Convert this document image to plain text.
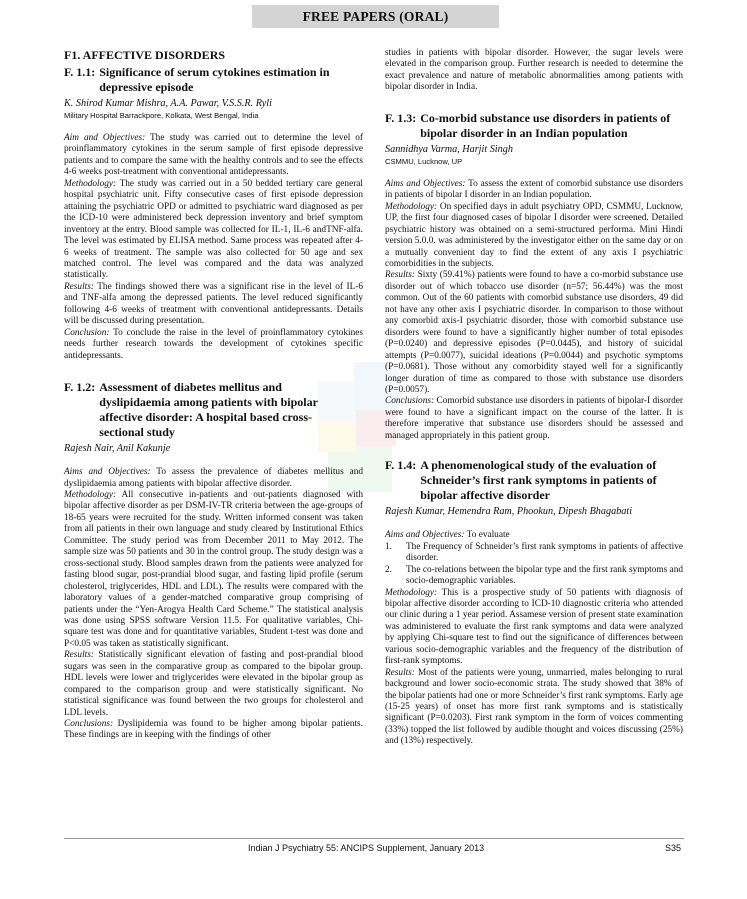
FREE PAPERS (ORAL)
F1. AFFECTIVE DISORDERS
F. 1.1: Significance of serum cytokines estimation in depressive episode
K. Shirod Kumar Mishra, A.A. Pawar, V.S.S.R. Ryli
Military Hospital Barrackpore, Kolkata, West Bengal, India

Aim and Objectives: The study was carried out to determine the level of proinflammatory cytokines in the serum sample of first episode depressive patients and to compare the same with the healthy controls and to see the effects 4-6 weeks post-treatment with conventional antidepressants.

Methodology: The study was carried out in a 50 bedded tertiary care general hospital psychiatric unit. Fifty consecutive cases of first episode depression attaining the psychiatric OPD or admitted to psychiatric ward diagnosed as per the ICD-10 were administered beck depression inventory and brief symptom inventory at the entry. Blood sample was collected for IL-1, IL-6 andTNF-alfa. The level was estimated by ELISA method. Same process was repeated after 4-6 weeks of treatment. The sample was also collected for 50 age and sex matched control. The level was compared and the data was analyzed statistically.

Results: The findings showed there was a significant rise in the level of IL-6 and TNF-alfa among the depressed patients. The level reduced significantly following 4-6 weeks of treatment with conventional antidepressants. Details will be discussed during presentation.

Conclusion: To conclude the raise in the level of proinflammatory cytokines needs further research towards the development of cytokines specific antidepressants.

F. 1.2: Assessment of diabetes mellitus and dyslipidaemia among patients with bipolar affective disorder: A hospital based cross-sectional study
Rajesh Nair, Anil Kakunje

Aims and Objectives: To assess the prevalence of diabetes mellitus and dyslipidaemia among patients with bipolar affective disorder.

Methodology: All consecutive in-patients and out-patients diagnosed with bipolar affective disorder as per DSM-IV-TR criteria between the age-groups of 18-65 years were recruited for the study. Written informed consent was taken from all patients in their own language and study cleared by Institutional Ethics Committee. The study period was from December 2011 to May 2012. The sample size was 50 patients and 30 in the control group. The study design was a cross-sectional study. Blood samples drawn from the patients were analyzed for fasting blood sugar, post-prandial blood sugar, and fasting lipid profile (serum cholesterol, triglycerides, HDL and LDL). The results were compared with the laboratory values of a gender-matched comparative group comprising of patients under the “Yen-Arogya Health Card Scheme.” The statistical analysis was done using SPSS software Version 11.5. For qualitative variables, Chi-square test was done and for quantitative variables, Student t-test was done and P<0.05 was taken as statistically significant.

Results: Statistically significant elevation of fasting and post-prandial blood sugars was seen in the comparative group as compared to the bipolar group. HDL levels were lower and triglycerides were elevated in the bipolar group as compared to the comparison group and were statistically significant. No statistical significance was found between the two groups for cholesterol and LDL levels.

Conclusions: Dyslipidemia was found to be higher among bipolar patients. These findings are in keeping with the findings of other

studies in patients with bipolar disorder. However, the sugar levels were elevated in the comparison group. Further research is needed to determine the exact prevalence and nature of metabolic abnormalities among patients with bipolar disorder in India.

F. 1.3: Co-morbid substance use disorders in patients of bipolar disorder in an Indian population
Sannidhya Varma, Harjit Singh
CSMMU, Lucknow, UP

Aims and Objectives: To assess the extent of comorbid substance use disorders in patients of bipolar I disorder in an Indian population.

Methodology: On specified days in adult psychiatry OPD, CSMMU, Lucknow, UP, the first four diagnosed cases of bipolar I disorder were screened. Detailed psychiatric history was obtained on a semi-structured performa. Mini Hindi version 5.0.0. was administered by the investigator either on the same day or on a mutually convenient day to find the extent of any axis I psychiatric comorbidities in the subjects.

Results: Sixty (59.41%) patients were found to have a co-morbid substance use disorder out of which tobacco use disorder (n=57; 56.44%) was the most common. Out of the 60 patients with comorbid substance use disorders, 49 did not have any other axis I psychiatric disorder. In comparison to those without any comorbid axis-I psychiatric disorder, those with comorbid substance use disorders were found to have a significantly higher number of total episodes (P=0.0240) and depressive episodes (P=0.0445), and history of suicidal attempts (P=0.0077), suicidal ideations (P=0.0044) and psychotic symptoms (P=0.0681). Those without any comorbidity stayed well for a significantly longer duration of time as compared to those with substance use disorders (P=0.0057).

Conclusions: Comorbid substance use disorders in patients of bipolar-I disorder were found to have a significant impact on the course of the latter. It is therefore imperative that substance use disorders should be assessed and managed appropriately in this patient group.

F. 1.4: A phenomenological study of the evaluation of Schneider’s first rank symptoms in patients of bipolar affective disorder
Rajesh Kumar, Hemendra Ram, Phookun, Dipesh Bhagabati

Aims and Objectives: To evaluate

1.	The Frequency of Schneider’s first rank symptoms in patients of affective disorder.
2.	The co-relations between the bipolar type and the first rank symptoms and socio-demographic variables.

Methodology: This is a prospective study of 50 patients with diagnosis of bipolar affective disorder according to ICD-10 diagnostic criteria who attended our clinic during a 1 year period. Assamese version of present state examination was administered to evaluate the first rank symptoms and data were analyzed by applying Chi-square test to find out the significance of differences between various socio-demographic variables and the frequency of the distribution of first-rank symptoms.

Results: Most of the patients were young, unmarried, males belonging to rural background and lower socio-economic strata. The study showed that 38% of the bipolar patients had one or more Schneider’s first rank symptoms. Early age (15-25 years) of onset has more first rank symptoms and is statistically significant (P=0.0203). First rank symptom in the form of voices commenting (33%) topped the list followed by audible thought and voices discussing (25%) and (13%) respectively.

Indian J Psychiatry 55: ANCIPS Supplement, January 2013	S35
